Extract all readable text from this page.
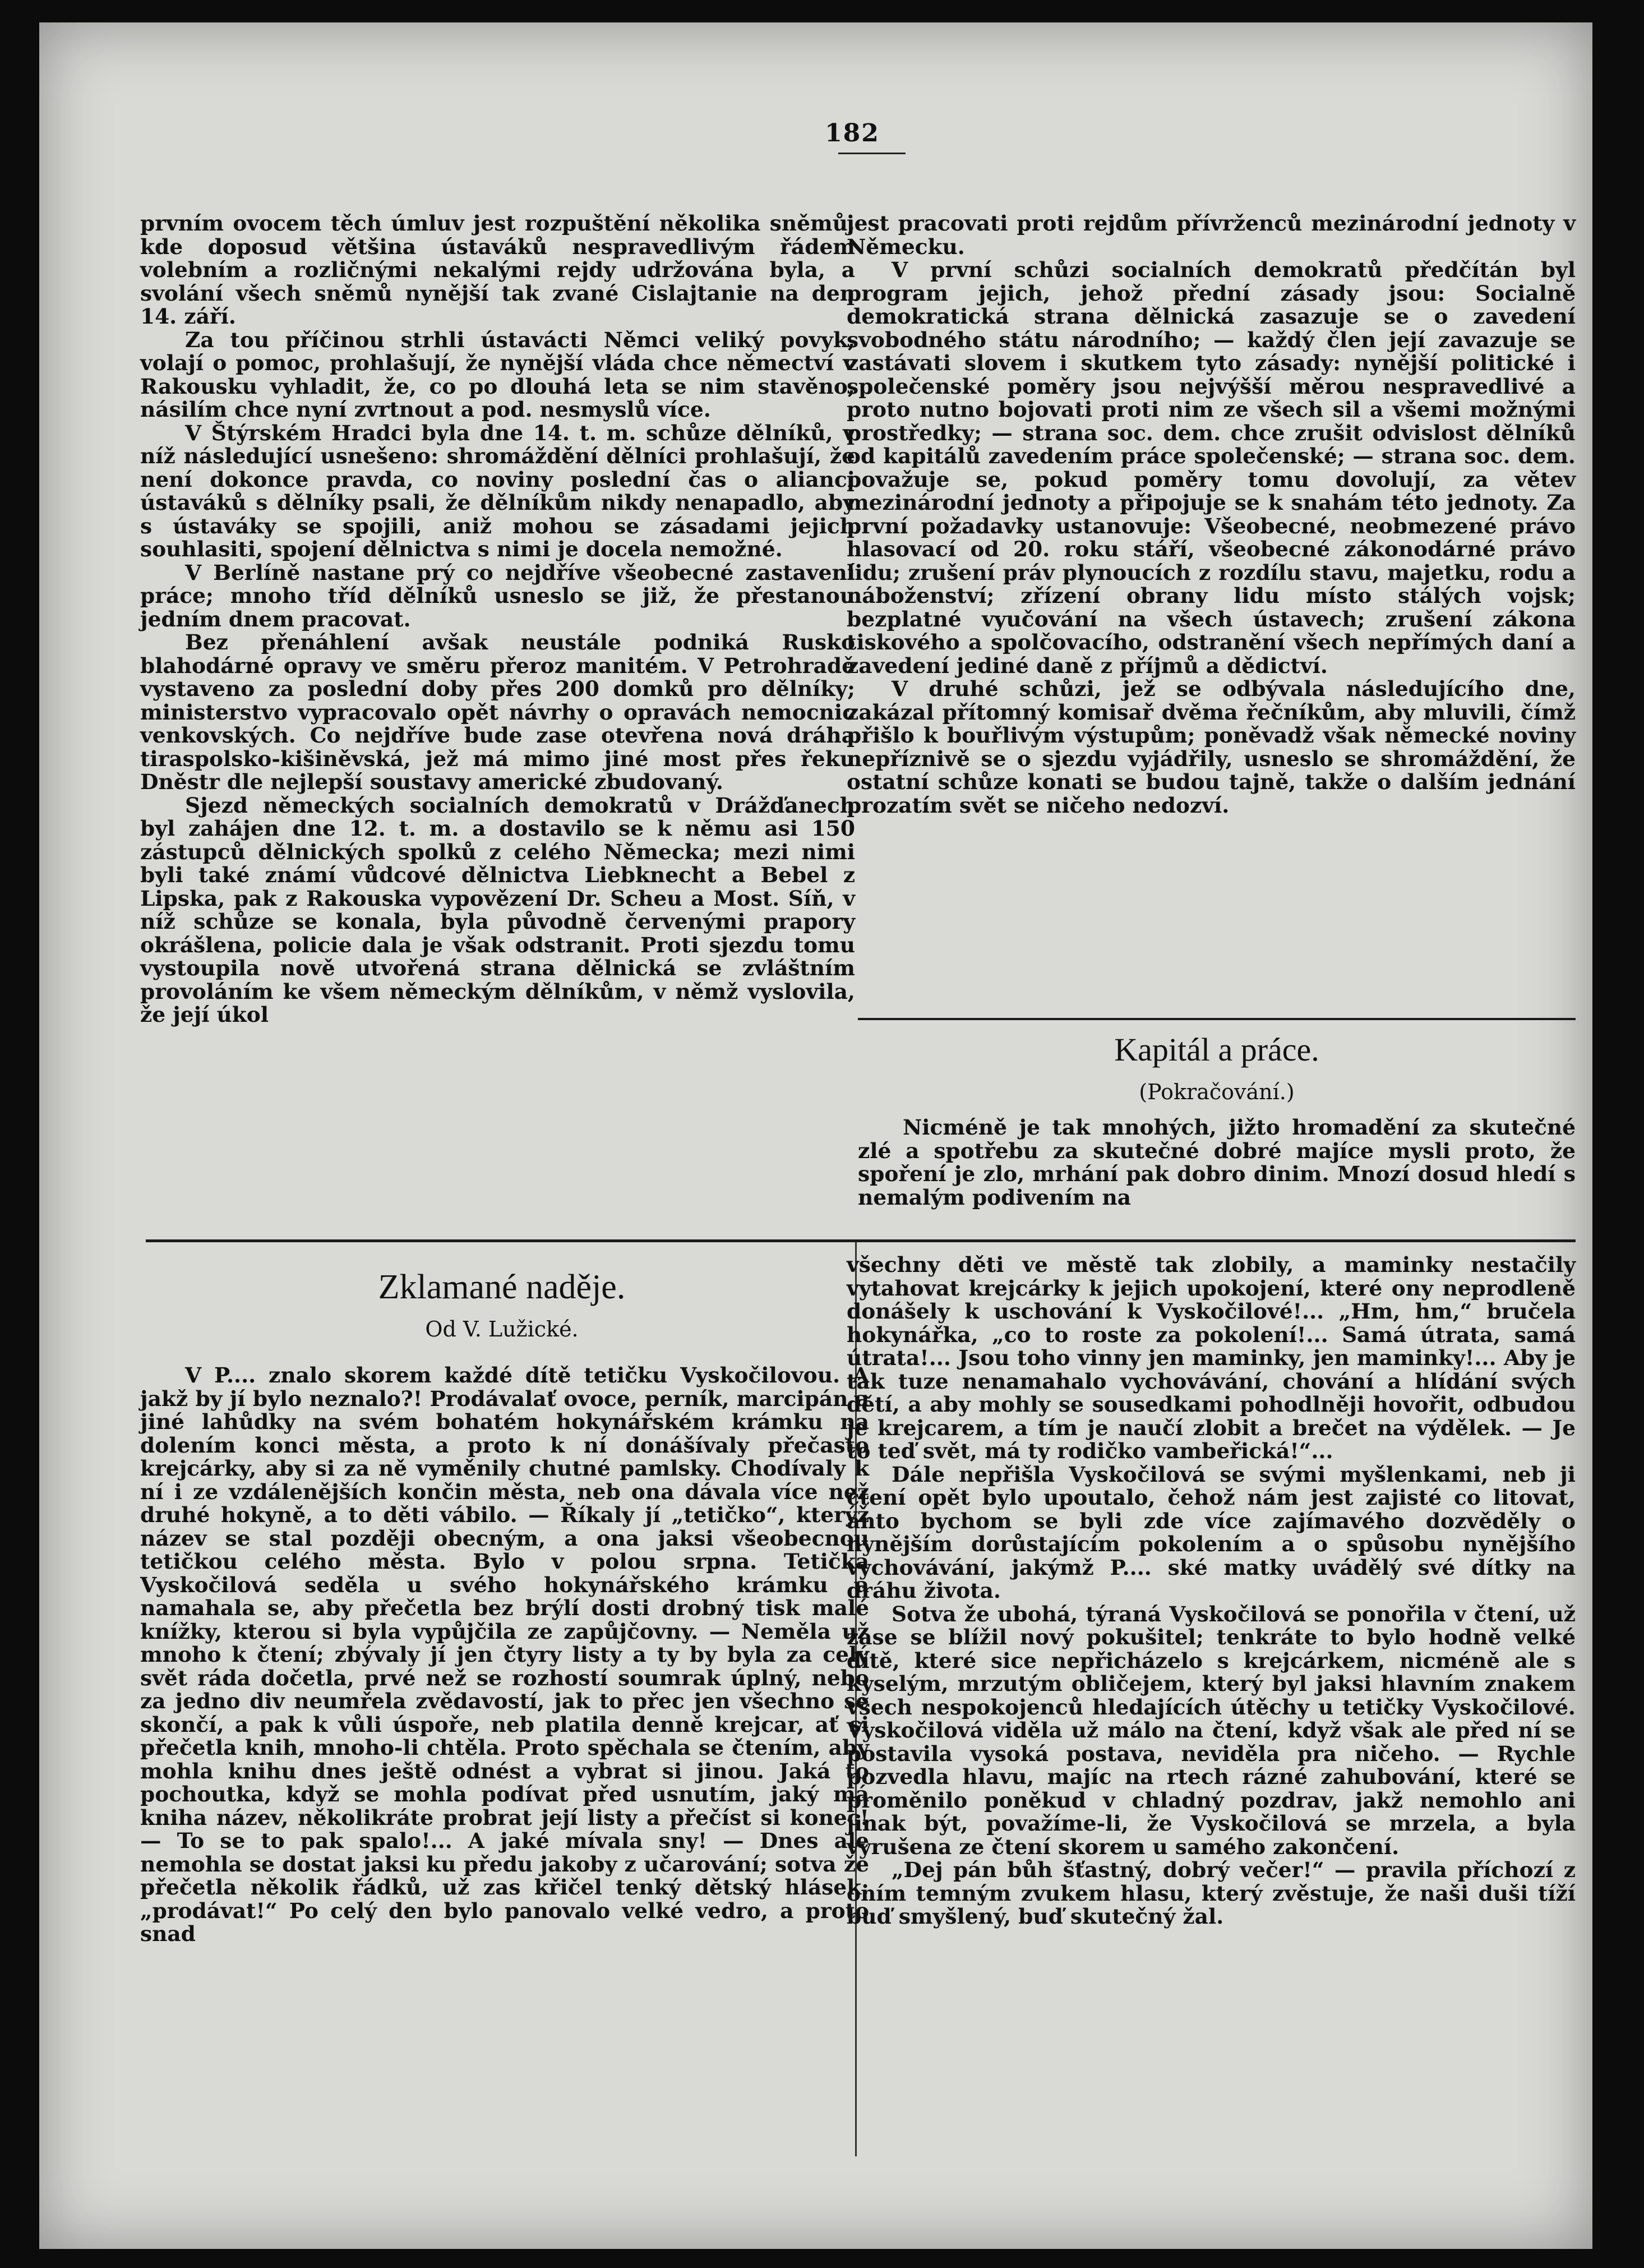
182

prvním ovocem těch úmluv jest rozpuštění několika sněmů, kde doposud většina ústaváků nespravedlivým řádem volebním a rozličnými nekalými rejdy udržována byla, a svolání všech sněmů nynější tak zvané Cislajtanie na den 14. září.

Za tou příčinou strhli ústavácti Němci veliký povyk, volají o pomoc, prohlašují, že nynější vláda chce němectví v Rakousku vyhladit, že, co po dlouhá leta se nim stavěno, násilím chce nyní zvrtnout a pod. nesmyslů více.

V Štýrském Hradci byla dne 14. t. m. schůze dělníků, v níž následující usnešeno: shromáždění dělníci prohlašují, že není dokonce pravda, co noviny poslední čas o alianci ústaváků s dělníky psali, že dělníkům nikdy nenapadlo, aby s ústaváky se spojili, aniž mohou se zásadami jejich souhlasiti, spojení dělnictva s nimi je docela nemožné.

V Berlíně nastane prý co nejdříve všeobecné zastavení práce; mnoho tříd dělníků usneslo se již, že přestanou jedním dnem pracovat.

Bez přenáhlení avšak neustále podniká Rusko blahodárné opravy ve směru přeroz manitém. V Petrohradě vystaveno za poslední doby přes 200 domků pro dělníky; ministerstvo vypracovalo opět návrhy o opravách nemocnic venkovských. Co nejdříve bude zase otevřena nová dráha tiraspolsko-kišiněvská, jež má mimo jiné most přes řeku Dněstr dle nejlepší soustavy americké zbudovaný.

Sjezd německých socialních demokratů v Drážďanech byl zahájen dne 12. t. m. a dostavilo se k němu asi 150 zástupců dělnických spolků z celého Německa; mezi nimi byli také známí vůdcové dělnictva Liebknecht a Bebel z Lipska, pak z Rakouska vypovězení Dr. Scheu a Most. Síň, v níž schůze se konala, byla původně červenými prapory okrášlena, policie dala je však odstranit. Proti sjezdu tomu vystoupila nově utvořená strana dělnická se zvláštním provoláním ke všem německým dělníkům, v němž vyslovila, že její úkol

jest pracovati proti rejdům přívrženců mezinárodní jednoty v Německu.

V první schůzi socialních demokratů předčítán byl program jejich, jehož přední zásady jsou: Socialně demokratická strana dělnická zasazuje se o zavedení svobodného státu národního; — každý člen její zavazuje se zastávati slovem i skutkem tyto zásady: nynější politické i společenské poměry jsou nejvýšší měrou nespravedlivé a proto nutno bojovati proti nim ze všech sil a všemi možnými prostředky; — strana soc. dem. chce zrušit odvislost dělníků od kapitálů zavedením práce společenské; — strana soc. dem. považuje se, pokud poměry tomu dovolují, za větev mezinárodní jednoty a připojuje se k snahám této jednoty. Za první požadavky ustanovuje: Všeobecné, neobmezené právo hlasovací od 20. roku stáří, všeobecné zákonodárné právo lidu; zrušení práv plynoucích z rozdílu stavu, majetku, rodu a náboženství; zřízení obrany lidu místo stálých vojsk; bezplatné vyučování na všech ústavech; zrušení zákona tiskového a spolčovacího, odstranění všech nepřímých daní a zavedení jediné daně z příjmů a dědictví.

V druhé schůzi, jež se odbývala následujícího dne, zakázal přítomný komisař dvěma řečníkům, aby mluvili, čímž přišlo k bouřlivým výstupům; poněvadž však německé noviny nepříznivě se o sjezdu vyjádřily, usneslo se shromáždění, že ostatní schůze konati se budou tajně, takže o dalším jednání prozatím svět se ničeho nedozví.

Kapitál a práce.
(Pokračování.)

Nicméně je tak mnohých, jižto hromadění za skutečné zlé a spotřebu za skutečné dobré majíce mysli proto, že spoření je zlo, mrhání pak dobro dinim. Mnozí dosud hledí s nemalým podivením na

Zklamané naděje.
Od V. Lužické.

V P.... znalo skorem každé dítě tetičku Vyskočilovou. A jakž by jí bylo neznalo?! Prodávalať ovoce, perník, marcipán a jiné lahůdky na svém bohatém hokynářském krámku na dolením konci města, a proto k ní donášívaly přečasto krejcárky, aby si za ně vyměnily chutné pamlsky. Chodívaly k ní i ze vzdálenějších končin města, neb ona dávala více než druhé hokyně, a to děti vábilo. — Říkaly jí „tetičko“, kterýž název se stal později obecným, a ona jaksi všeobecnou tetičkou celého města. Bylo v polou srpna. Tetička Vyskočilová seděla u svého hokynářského krámku a namahala se, aby přečetla bez brýlí dosti drobný tisk malé knížky, kterou si byla vypůjčila ze zapůjčovny. — Neměla už mnoho k čtení; zbývaly jí jen čtyry listy a ty by byla za celý svět ráda dočetla, prvé než se rozhostí soumrak úplný, nebo za jedno div neumřela zvědavostí, jak to přec jen všechno se skončí, a pak k vůli úspoře, neb platila denně krejcar, ať si přečetla knih, mnoho-li chtěla. Proto spěchala se čtením, aby mohla knihu dnes ještě odnést a vybrat si jinou. Jaká to pochoutka, když se mohla podívat před usnutím, jaký má kniha název, několikráte probrat její listy a přečíst si konec! — To se to pak spalo!... A jaké mívala sny! — Dnes ale nemohla se dostat jaksi ku předu jakoby z učarování; sotva že přečetla několik řádků, už zas křičel tenký dětský hlásek: „prodávat!“ Po celý den bylo panovalo velké vedro, a proto snad

všechny děti ve městě tak zlobily, a maminky nestačily vytahovat krejcárky k jejich upokojení, které ony neprodleně donášely k uschování k Vyskočilové!... „Hm, hm,“ bručela hokynářka, „co to roste za pokolení!... Samá útrata, samá útrata!... Jsou toho vinny jen maminky, jen maminky!... Aby je tak tuze nenamahalo vychovávání, chování a hlídání svých dětí, a aby mohly se sousedkami pohodlněji hovořit, odbudou je krejcarem, a tím je naučí zlobit a brečet na výdělek. — Je to teď svět, má ty rodičko vambeřická!“...

Dále nepřišla Vyskočilová se svými myšlenkami, neb ji čtení opět bylo upoutalo, čehož nám jest zajisté co litovat, anto bychom se byli zde více zajímavého dozvěděly o nynějším dorůstajícím pokolením a o spůsobu nynějšího vychovávání, jakýmž P.... ské matky uvádělý své dítky na dráhu života.

Sotva že ubohá, týraná Vyskočilová se ponořila v čtení, už zase se blížil nový pokušitel; tenkráte to bylo hodně velké dítě, které sice nepřicházelo s krejcárkem, nicméně ale s kyselým, mrzutým obličejem, který byl jaksi hlavním znakem všech nespokojenců hledajících útěchy u tetičky Vyskočilové. Vyskočilová viděla už málo na čtení, když však ale před ní se postavila vysoká postava, neviděla pra ničeho. — Rychle pozvedla hlavu, majíc na rtech rázné zahubování, které se proměnilo poněkud v chladný pozdrav, jakž nemohlo ani jinak být, považíme-li, že Vyskočilová se mrzela, a byla vyrušena ze čtení skorem u samého zakončení.

„Dej pán bůh šťastný, dobrý večer!“ — pravila příchozí z oním temným zvukem hlasu, který zvěstuje, že naši duši tíží buď smyšlený, buď skutečný žal.
